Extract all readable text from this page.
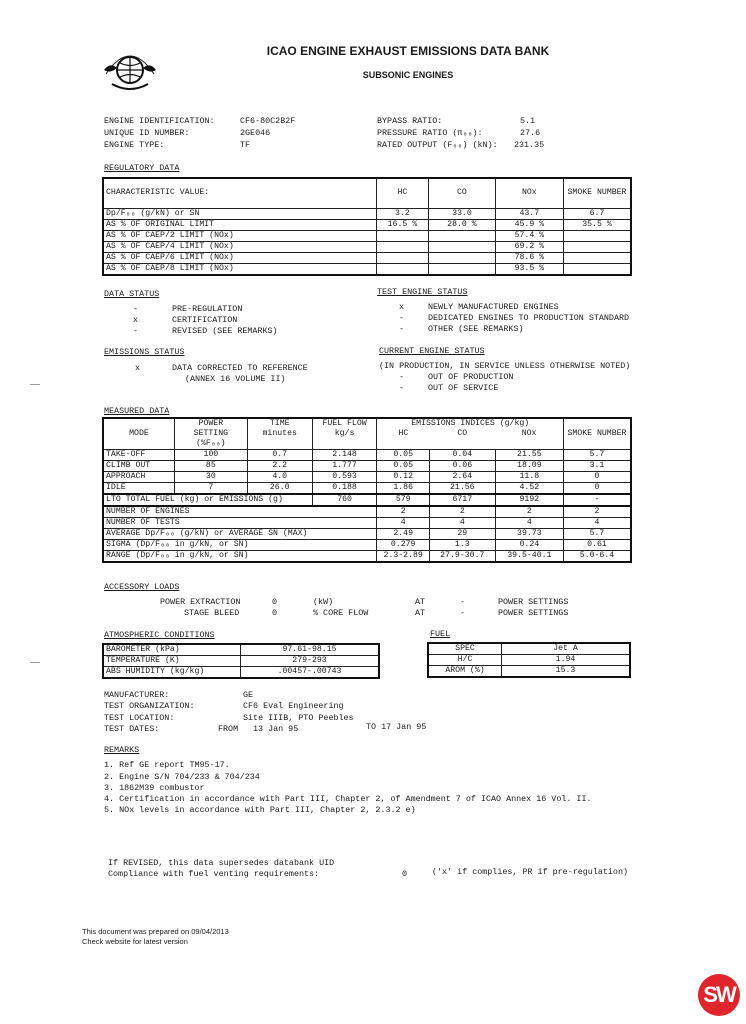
ICAO ENGINE EXHAUST EMISSIONS DATA BANK
SUBSONIC ENGINES
ENGINE IDENTIFICATION:	CF6-80C2B2F
UNIQUE ID NUMBER:	2GE046
ENGINE TYPE:	TF
BYPASS RATIO:	5.1
PRESSURE RATIO (π₀₀):	27.6
RATED OUTPUT (F₀₀) (kN): 231.35
REGULATORY DATA
CHARACTERISTIC VALUE:	HC	CO	NOx	SMOKE NUMBER
Dp/F₀₀ (g/kN) or SN	3.2	33.0	43.7	6.7
AS % OF ORIGINAL LIMIT	16.5 %	28.0 %	45.9 %	35.5 %
AS % OF CAEP/2 LIMIT (NOx)			57.4 %	
AS % OF CAEP/4 LIMIT (NOx)			69.2 %	
AS % OF CAEP/6 LIMIT (NOx)			78.6 %	
AS % OF CAEP/8 LIMIT (NOx)			93.5 %	
DATA STATUS
-	PRE-REGULATION
x	CERTIFICATION
-	REVISED (SEE REMARKS)
TEST ENGINE STATUS
x	NEWLY MANUFACTURED ENGINES
-	DEDICATED ENGINES TO PRODUCTION STANDARD
-	OTHER (SEE REMARKS)
EMISSIONS STATUS
x	DATA CORRECTED TO REFERENCE
(ANNEX 16 VOLUME II)
CURRENT ENGINE STATUS
(IN PRODUCTION, IN SERVICE UNLESS OTHERWISE NOTED)
-	OUT OF PRODUCTION
-	OUT OF SERVICE
MEASURED DATA
MODE	POWER	TIME	FUEL FLOW	EMISSIONS INDICES (g/kg)			SMOKE NUMBER
	SETTING	minutes	kg/s	HC	CO	NOx	
	(%F₀₀)						
TAKE-OFF	100	0.7	2.148	0.05	0.04	21.55	5.7
CLIMB OUT	85	2.2	1.777	0.05	0.06	18.09	3.1
APPROACH	30	4.0	0.593	0.12	2.64	11.8	0
IDLE	7	26.0	0.188	1.86	21.56	4.52	0
LTO TOTAL FUEL (kg) or EMISSIONS (g)			760	579	6717	9192	-
NUMBER OF ENGINES				2	2	2	2
NUMBER OF TESTS				4	4	4	4
AVERAGE Dp/F₀₀ (g/kN) or AVERAGE SN (MAX)				2.49	29	39.73	5.7
SIGMA (Dp/F₀₀ in g/kN, or SN)				0.279	1.3	0.24	0.61
RANGE (Dp/F₀₀ in g/kN, or SN)				2.3-2.89	27.9-30.7	39.5-40.1	5.0-6.4
ACCESSORY LOADS
POWER EXTRACTION	0	(kW)	AT	-	POWER SETTINGS
STAGE BLEED	0	% CORE FLOW	AT	-	POWER SETTINGS
ATMOSPHERIC CONDITIONS
BAROMETER (kPa)	97.61-98.15
TEMPERATURE (K)	279-293
ABS HUMIDITY (kg/kg)	.00457-.00743
FUEL
SPEC	Jet A
H/C	1.94
AROM (%)	15.3
MANUFACTURER:	GE
TEST ORGANIZATION:	CF6 Eval Engineering
TEST LOCATION:	Site IIIB, PTO Peebles
TEST DATES:	FROM 13 Jan 95	TO 17 Jan 95
REMARKS
1. Ref GE report TM95-17.
2. Engine S/N 704/233 & 704/234
3. 1862M39 combustor
4. Certification in accordance with Part III, Chapter 2, of Amendment 7 of ICAO Annex 16 Vol. II.
5. NOx levels in accordance with Part III, Chapter 2, 2.3.2 e)
If REVISED, this data supersedes databank UID
Compliance with fuel venting requirements:	0	('x' if complies, PR if pre-regulation)
This document was prepared on 09/04/2013
Check website for latest version
SW
